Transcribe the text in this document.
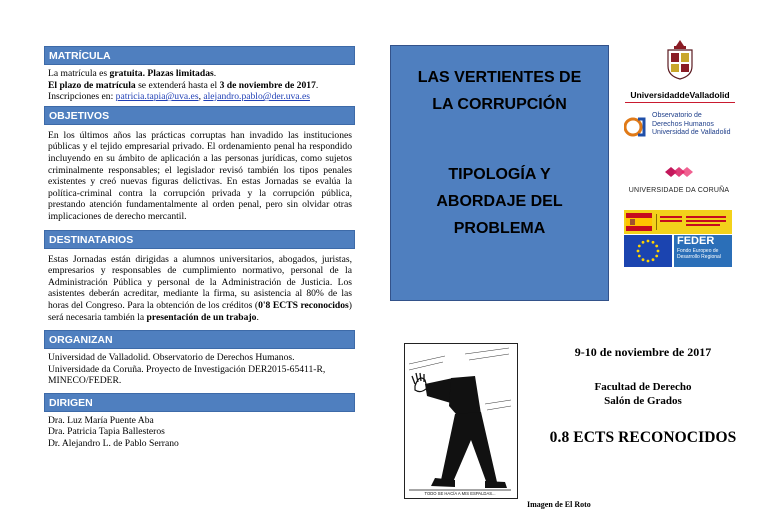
MATRÍCULA

La matrícula es gratuita. Plazas limitadas.

El plazo de matrícula se extenderá hasta el 3 de noviembre de 2017.

Inscripciones en: patricia.tapia@uva.es, alejandro.pablo@der.uva.es

OBJETIVOS
En los últimos años las prácticas corruptas han invadido las instituciones públicas y el tejido empresarial privado. El ordenamiento penal ha respondido incluyendo en su ámbito de aplicación a las personas jurídicas, como sujetos criminalmente responsables; el legislador revisó también los tipos penales existentes y creó nuevas figuras delictivas. En estas Jornadas se evalúa la política-criminal contra la corrupción privada y la corrupción pública, prestando atención fundamentalmente al orden penal, pero sin olvidar otras implicaciones de derecho mercantil.
DESTINATARIOS
Estas Jornadas están dirigidas a alumnos universitarios, abogados, juristas, empresarios y responsables de cumplimiento normativo, personal de la Administración Pública y personal de la Administración de Justicia. Los asistentes deberán acreditar, mediante la firma, su asistencia al 80% de las horas del Congreso. Para la obtención de los créditos (0'8 ECTS reconocidos) será necesaria también la presentación de un trabajo.
ORGANIZAN

Universidad de Valladolid. Observatorio de Derechos Humanos.

Universidade da Coruña. Proyecto de Investigación DER2015-65411-R, MINECO/FEDER.

DIRIGEN

Dra. Luz María Puente Aba

Dra. Patricia Tapia Ballesteros

Dr. Alejandro L. de Pablo Serrano

LAS VERTIENTES DE LA CORRUPCIÓN
TIPOLOGÍA Y ABORDAJE DEL PROBLEMA
UniversidaddeValladolid
Observatorio de
Derechos Humanos
Universidad de Valladolid
UNIVERSIDADE DA CORUÑA
FEDER
Fondo Europeo de Desarrollo Regional
TODO SE HACÍA A MIS ESPALDAS...
Imagen de El Roto
9-10 de noviembre de 2017
Facultad de Derecho
Salón de Grados
0.8 ECTS RECONOCIDOS
